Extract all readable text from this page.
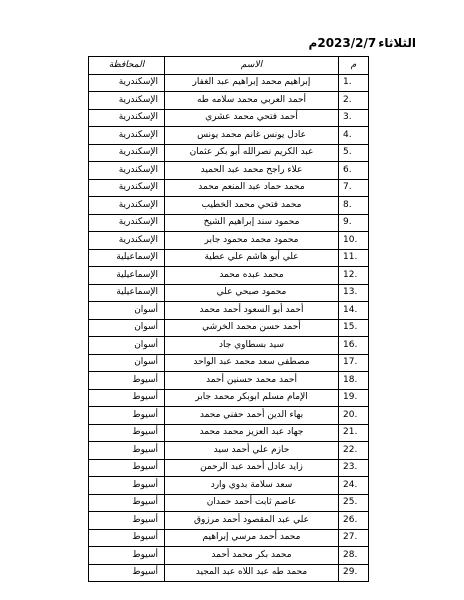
الثلاثاء
2023/2/7م
م	الاسم	المحافظة
1.	إبراهيم محمد إبراهيم عبد الغفار	الإسكندرية
2.	أحمد العربي محمد سلامه طه	الإسكندرية
3.	أحمد فتحي محمد عشري	الإسكندرية
4.	عادل يونس غانم محمد يونس	الإسكندرية
5.	عبد الكريم نصرالله أبو بكر عثمان	الإسكندرية
6.	علاء راجح محمد عبد الحميد	الإسكندرية
7.	محمد حماد عبد المنعم محمد	الإسكندرية
8.	محمد فتحي محمد الخطيب	الإسكندرية
9.	محمود سند إبراهيم الشيخ	الإسكندرية
10.	محمود محمد محمود جابر	الإسكندرية
11.	علي أبو هاشم علي عطية	الإسماعيلية
12.	محمد عبده محمد	الإسماعيلية
13.	محمود صبحي علي	الإسماعيلية
14.	أحمد أبو السعود أحمد محمد	أسوان
15.	أحمد حسن محمد الخرشي	أسوان
16.	سيد بسطاوي جاد	أسوان
17.	مصطفى سعد محمد عبد الواحد	أسوان
18.	أحمد محمد حسنين أحمد	أسيوط
19.	الإمام مسلم ابوبكر محمد جابر	أسيوط
20.	بهاء الدين أحمد حفني محمد	أسيوط
21.	جهاد عبد العزيز محمد محمد	أسيوط
22.	حازم علي أحمد سيد	أسيوط
23.	زايد عادل أحمد عبد الرحمن	أسيوط
24.	سعد سلامة بدوي وارد	أسيوط
25.	عاصم ثابت أحمد حمدان	أسيوط
26.	علي عبد المقصود أحمد مرزوق	أسيوط
27.	محمد أحمد مرسي إبراهيم	أسيوط
28.	محمد بكر محمد أحمد	أسيوط
29.	محمد طه عبد اللاه عبد المجيد	أسيوط
